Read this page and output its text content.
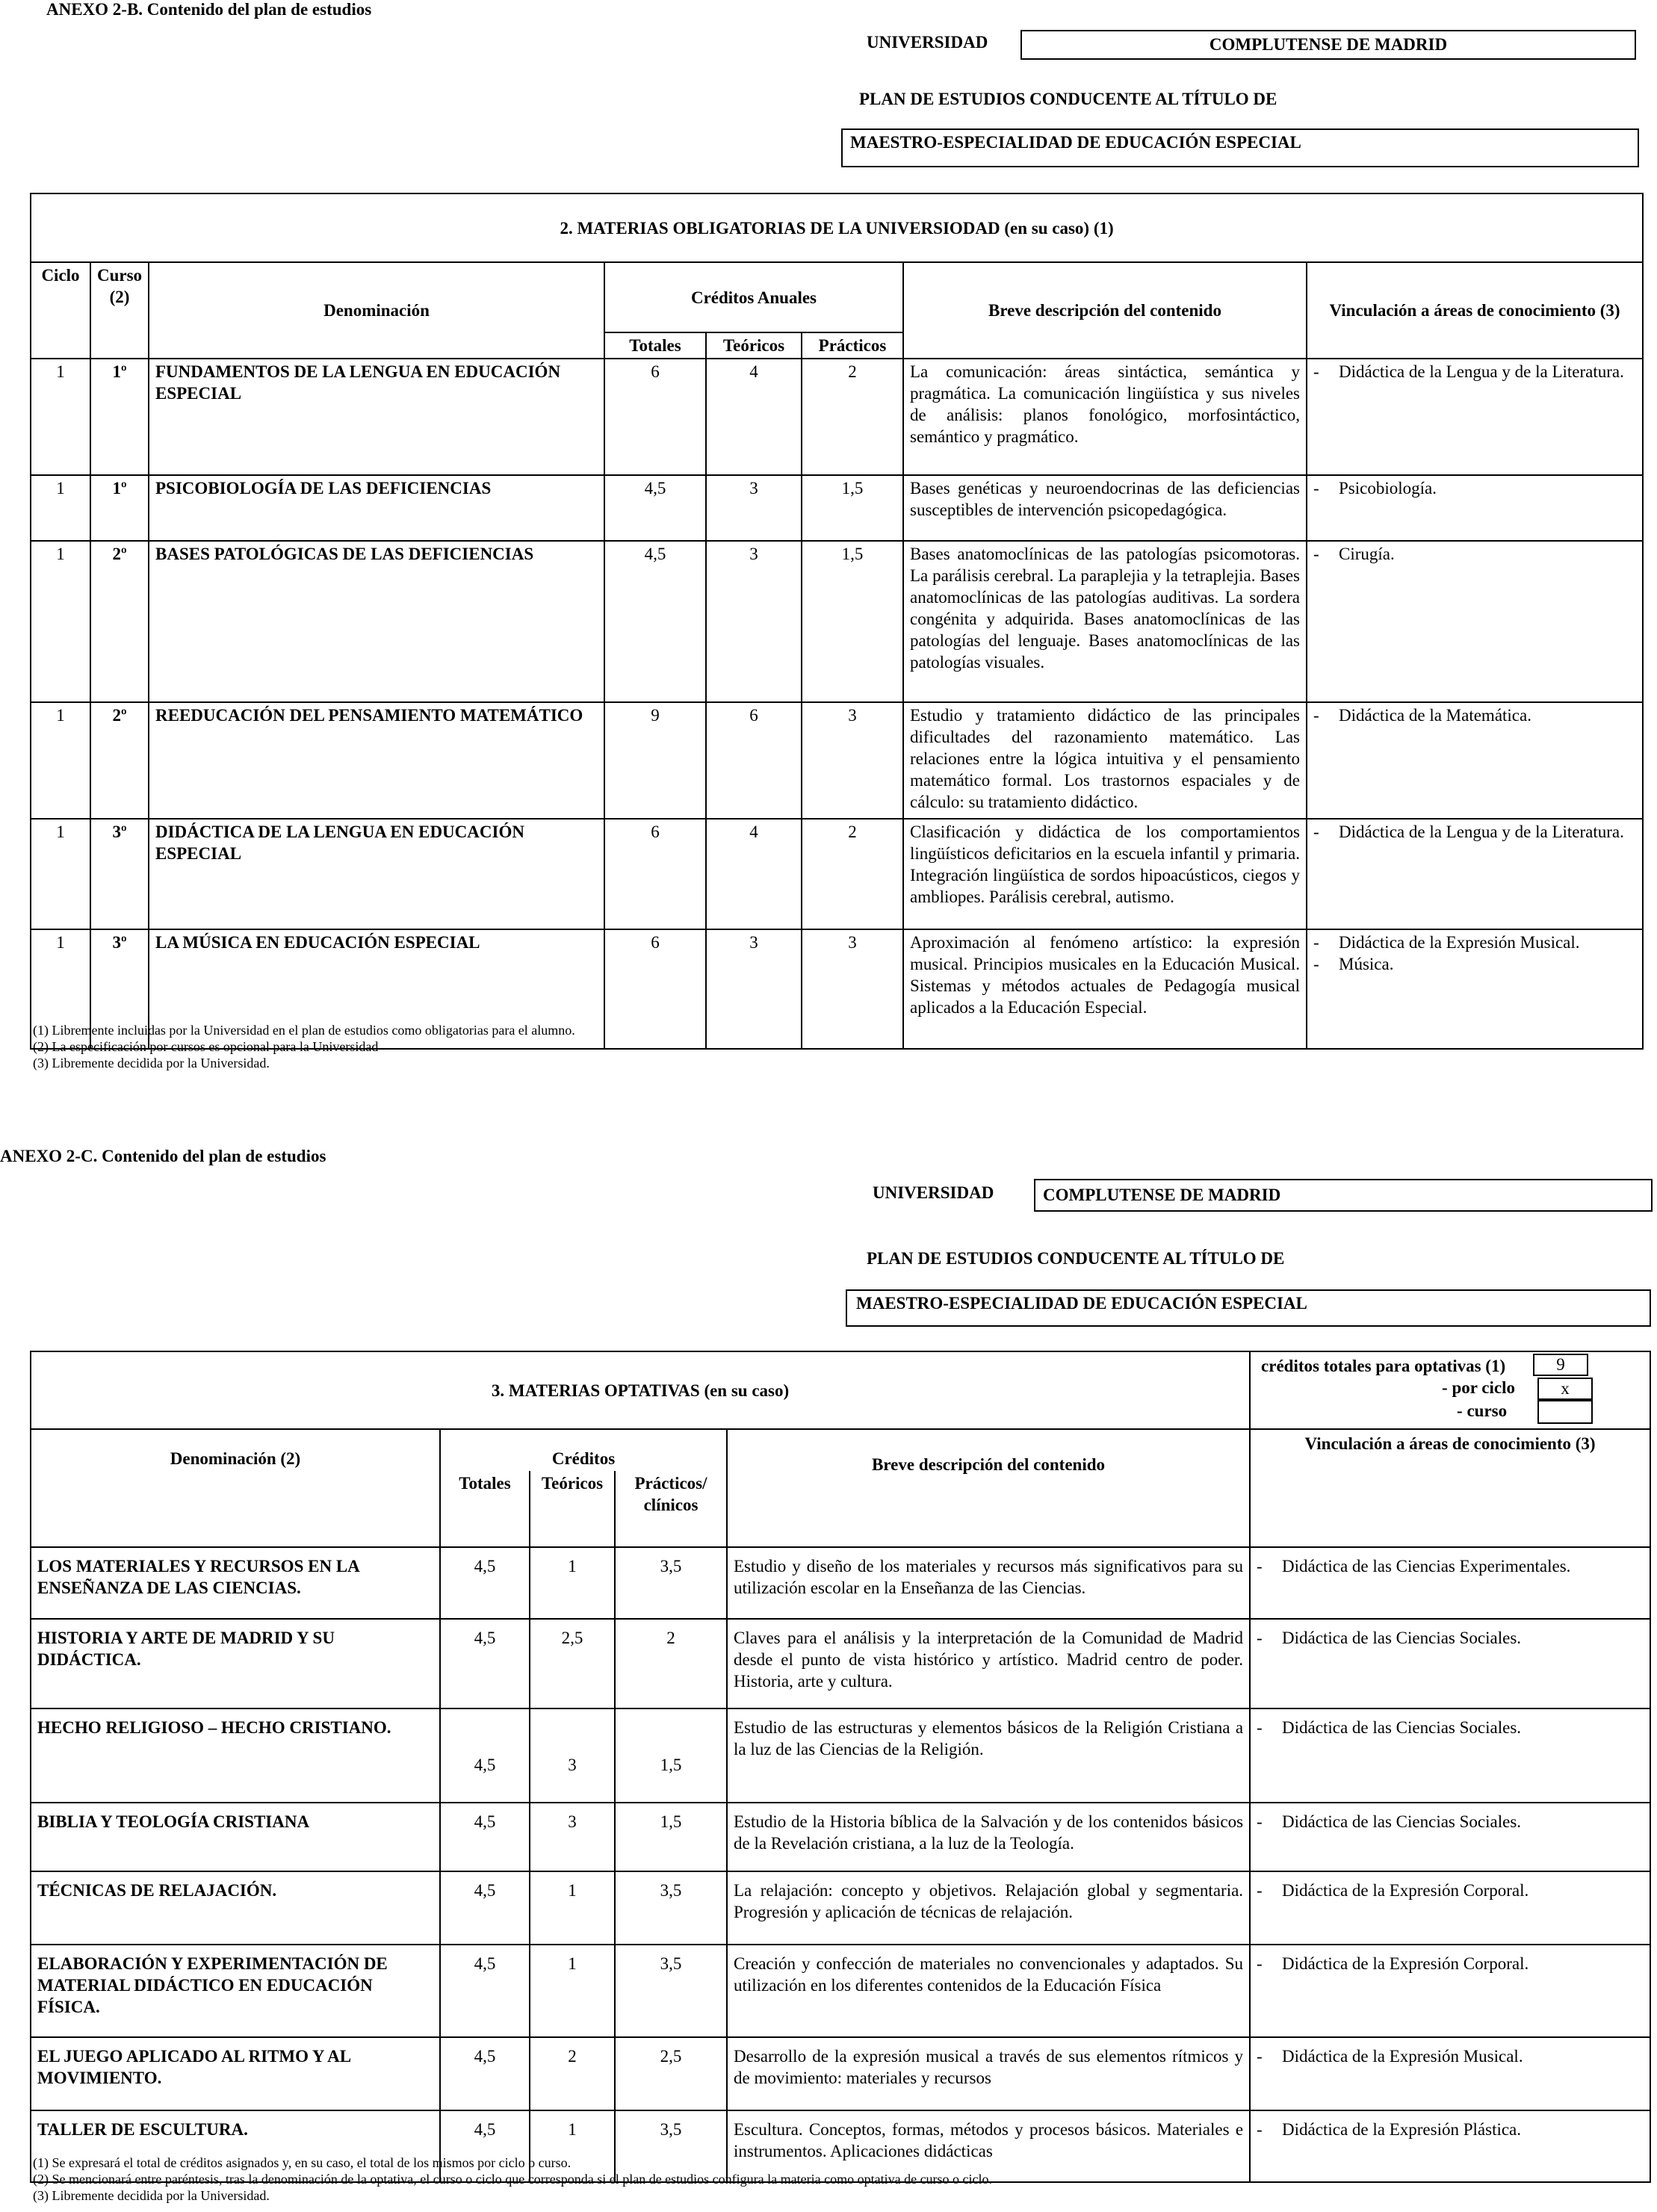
ANEXO 2-B. Contenido del plan de estudios
UNIVERSIDAD	COMPLUTENSE DE MADRID
PLAN DE ESTUDIOS CONDUCENTE AL TÍTULO DE
MAESTRO-ESPECIALIDAD DE EDUCACIÓN ESPECIAL
2. MATERIAS OBLIGATORIAS DE LA UNIVERSIODAD (en su caso) (1)							
Ciclo	Curso (2)	Denominación	Créditos Anuales			Breve descripción del contenido	Vinculación a áreas de conocimiento (3)
			Totales	Teóricos	Prácticos		
1	1º	FUNDAMENTOS DE LA LENGUA EN EDUCACIÓN ESPECIAL	6	4	2	La comunicación: áreas sintáctica, semántica y pragmática. La comunicación lingüística y sus niveles de análisis: planos fonológico, morfosintáctico, semántico y pragmático.	- Didáctica de la Lengua y de la Literatura.

1	1º	PSICOBIOLOGÍA DE LAS DEFICIENCIAS	4,5	3	1,5	Bases genéticas y neuroendocrinas de las deficiencias susceptibles de intervención psicopedagógica.	- Psicobiología.

1	2º	BASES PATOLÓGICAS DE LAS DEFICIENCIAS	4,5	3	1,5	Bases anatomoclínicas de las patologías psicomotoras. La parálisis cerebral. La paraplejia y la tetraplejia. Bases anatomoclínicas de las patologías auditivas. La sordera congénita y adquirida. Bases anatomoclínicas de las patologías del lenguaje. Bases anatomoclínicas de las patologías visuales.	- Cirugía.

1	2º	REEDUCACIÓN DEL PENSAMIENTO MATEMÁTICO	9	6	3	Estudio y tratamiento didáctico de las principales dificultades del razonamiento matemático. Las relaciones entre la lógica intuitiva y el pensamiento matemático formal. Los trastornos espaciales y de cálculo: su tratamiento didáctico.	- Didáctica de la Matemática.

1	3º	DIDÁCTICA DE LA LENGUA EN EDUCACIÓN ESPECIAL	6	4	2	Clasificación y didáctica de los comportamientos lingüísticos deficitarios en la escuela infantil y primaria. Integración lingüística de sordos hipoacústicos, ciegos y ambliopes. Parálisis cerebral, autismo.	- Didáctica de la Lengua y de la Literatura.

1	3º	LA MÚSICA EN EDUCACIÓN ESPECIAL	6	3	3	Aproximación al fenómeno artístico: la expresión musical. Principios musicales en la Educación Musical. Sistemas y métodos actuales de Pedagogía musical aplicados a la Educación Especial.	- Didáctica de la Expresión Musical.
- Música.
(1) Libremente incluidas por la Universidad en el plan de estudios como obligatorias para el alumno.
(2) La especificación por cursos es opcional para la Universidad
(3) Libremente decidida por la Universidad.
ANEXO 2-C. Contenido del plan de estudios
UNIVERSIDAD	COMPLUTENSE DE MADRID
PLAN DE ESTUDIOS CONDUCENTE AL TÍTULO DE
MAESTRO-ESPECIALIDAD DE EDUCACIÓN ESPECIAL
3. MATERIAS OPTATIVAS (en su caso)					créditos totales para optativas (1) 9
- por ciclo x
- curso

Denominación (2)	Créditos			Breve descripción del contenido	Vinculación a áreas de conocimiento (3)
	Totales	Teóricos	Prácticos/ clínicos		
LOS MATERIALES Y RECURSOS EN LA ENSEÑANZA DE LAS CIENCIAS.	4,5	1	3,5	Estudio y diseño de los materiales y recursos más significativos para su utilización escolar en la Enseñanza de las Ciencias.	- Didáctica de las Ciencias Experimentales.

HISTORIA Y ARTE DE MADRID Y SU DIDÁCTICA.	4,5	2,5	2	Claves para el análisis y la interpretación de la Comunidad de Madrid desde el punto de vista histórico y artístico. Madrid centro de poder. Historia, arte y cultura.	- Didáctica de las Ciencias Sociales.

HECHO RELIGIOSO – HECHO CRISTIANO.	4,5	3	1,5	Estudio de las estructuras y elementos básicos de la Religión Cristiana a la luz de las Ciencias de la Religión.	- Didáctica de las Ciencias Sociales.

BIBLIA Y TEOLOGÍA CRISTIANA	4,5	3	1,5	Estudio de la Historia bíblica de la Salvación y de los contenidos básicos de la Revelación cristiana, a la luz de la Teología.	- Didáctica de las Ciencias Sociales.

TÉCNICAS DE RELAJACIÓN.	4,5	1	3,5	La relajación: concepto y objetivos. Relajación global y segmentaria. Progresión y aplicación de técnicas de relajación.	- Didáctica de la Expresión Corporal.

ELABORACIÓN Y EXPERIMENTACIÓN DE MATERIAL DIDÁCTICO EN EDUCACIÓN FÍSICA.	4,5	1	3,5	Creación y confección de materiales no convencionales y adaptados. Su utilización en los diferentes contenidos de la Educación Física	- Didáctica de la Expresión Corporal.

EL JUEGO APLICADO AL RITMO Y AL MOVIMIENTO.	4,5	2	2,5	Desarrollo de la expresión musical a través de sus elementos rítmicos y de movimiento: materiales y recursos	- Didáctica de la Expresión Musical.

TALLER DE ESCULTURA.	4,5	1	3,5	Escultura. Conceptos, formas, métodos y procesos básicos. Materiales e instrumentos. Aplicaciones didácticas	- Didáctica de la Expresión Plástica.
(1) Se expresará el total de créditos asignados y, en su caso, el total de los mismos por ciclo o curso.
(2) Se mencionará entre paréntesis, tras la denominación de la optativa, el curso o ciclo que corresponda si el plan de estudios configura la materia como optativa de curso o ciclo.
(3) Libremente decidida por la Universidad.
